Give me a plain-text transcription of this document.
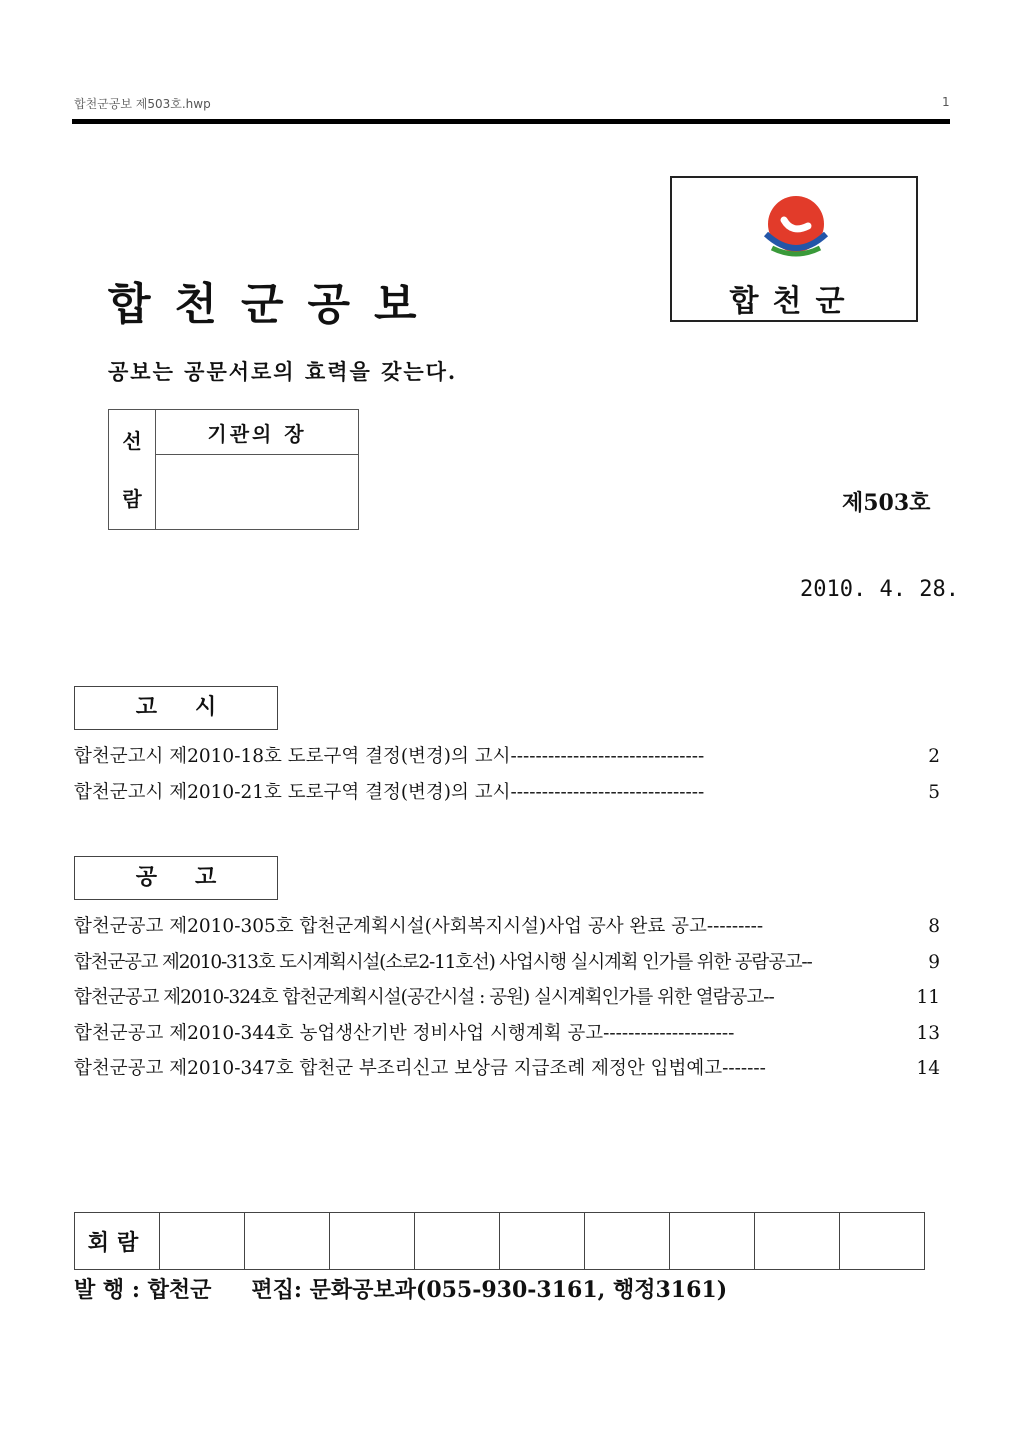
합천군공보 제503호.hwp	1
합천군공보
공보는 공문서로의 효력을 갖는다.
합천군
선
람
	기관의 장

제503호
2010. 4. 28.
고시
합천군고시 제2010-18호 도로구역 결정(변경)의 고시-------------------------------	2
합천군고시 제2010-21호 도로구역 결정(변경)의 고시-------------------------------	5
공고
합천군공고 제2010-305호 합천군계획시설(사회복지시설)사업 공사 완료 공고---------	8
합천군공고 제2010-313호 도시계획시설(소로2-11호선) 사업시행 실시계획 인가를 위한 공람공고--	9
합천군공고 제2010-324호 합천군계획시설(공간시설 : 공원) 실시계획인가를 위한 열람공고--	11
합천군공고 제2010-344호 농업생산기반 정비사업 시행계획 공고---------------------	13
합천군공고 제2010-347호 합천군 부조리신고 보상금 지급조례 제정안 입법예고-------	14
회람									
발 행 : 합천군 편집: 문화공보과(055-930-3161, 행정3161)
